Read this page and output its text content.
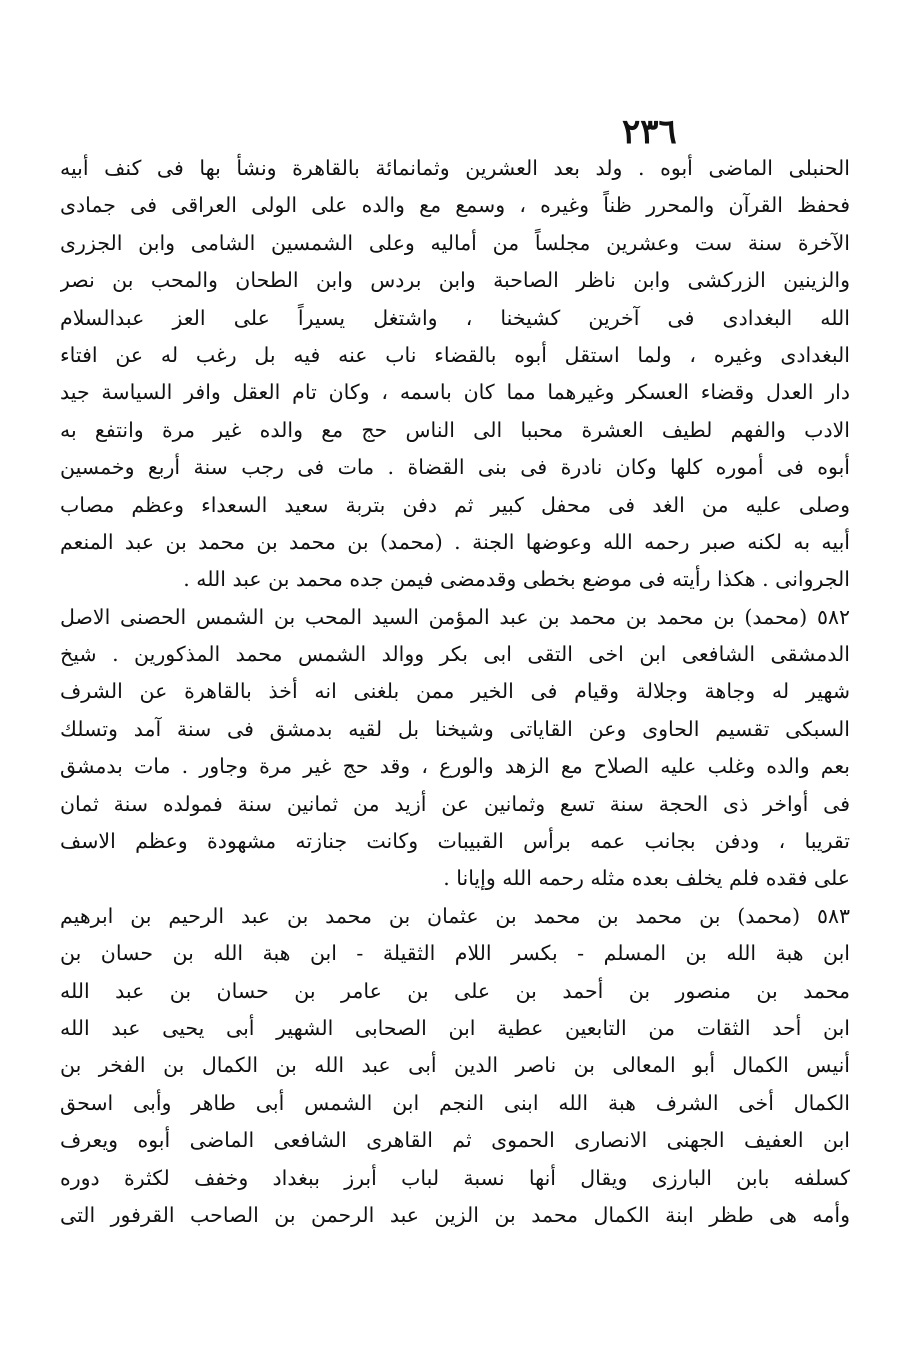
٢٣٦
الحنبلى الماضى أبوه . ولد بعد العشرين وثمانمائة بالقاهرة ونشأ بها فى كنف أبيه
فحفظ القرآن والمحرر ظناً وغيره ، وسمع مع والده على الولى العراقى فى جمادى
الآخرة سنة ست وعشرين مجلساً من أماليه وعلى الشمسين الشامى وابن الجزرى
والزينين الزركشى وابن ناظر الصاحبة وابن بردس وابن الطحان والمحب بن نصر
الله البغدادى فى آخرين كشيخنا ، واشتغل يسيراً على العز عبدالسلام
البغدادى وغيره ، ولما استقل أبوه بالقضاء ناب عنه فيه بل رغب له عن افتاء
دار العدل وقضاء العسكر وغيرهما مما كان باسمه ، وكان تام العقل وافر السياسة جيد
الادب والفهم لطيف العشرة محببا الى الناس حج مع والده غير مرة وانتفع به
أبوه فى أموره كلها وكان نادرة فى بنى القضاة . مات فى رجب سنة أربع وخمسين
وصلى عليه من الغد فى محفل كبير ثم دفن بتربة سعيد السعداء وعظم مصاب
أبيه به لكنه صبر رحمه الله وعوضها الجنة . (محمد) بن محمد بن محمد بن عبد المنعم
الجروانى . هكذا رأيته فى موضع بخطى وقدمضى فيمن جده محمد بن عبد الله .
٥٨٢ (محمد) بن محمد بن محمد بن عبد المؤمن السيد المحب بن الشمس الحصنى الاصل
الدمشقى الشافعى ابن اخى التقى ابى بكر ووالد الشمس محمد المذكورين . شيخ
شهير له وجاهة وجلالة وقيام فى الخير ممن بلغنى انه أخذ بالقاهرة عن الشرف
السبكى تقسيم الحاوى وعن القاياتى وشيخنا بل لقيه بدمشق فى سنة آمد وتسلك
بعم والده وغلب عليه الصلاح مع الزهد والورع ، وقد حج غير مرة وجاور . مات بدمشق
فى أواخر ذى الحجة سنة تسع وثمانين عن أزيد من ثمانين سنة فمولده سنة ثمان
تقريبا ، ودفن بجانب عمه برأس القبيبات وكانت جنازته مشهودة وعظم الاسف
على فقده فلم يخلف بعده مثله رحمه الله وإيانا .
٥٨٣ (محمد) بن محمد بن محمد بن عثمان بن محمد بن عبد الرحيم بن ابرهيم
ابن هبة الله بن المسلم - بكسر اللام الثقيلة - ابن هبة الله بن حسان بن
محمد بن منصور بن أحمد بن على بن عامر بن حسان بن عبد الله
ابن أحد الثقات من التابعين عطية ابن الصحابى الشهير أبى يحيى عبد الله
أنيس الكمال أبو المعالى بن ناصر الدين أبى عبد الله بن الكمال بن الفخر بن
الكمال أخى الشرف هبة الله ابنى النجم ابن الشمس أبى طاهر وأبى اسحق
ابن العفيف الجهنى الانصارى الحموى ثم القاهرى الشافعى الماضى أبوه ويعرف
كسلفه بابن البارزى ويقال أنها نسبة لباب أبرز ببغداد وخفف لكثرة دوره
وأمه هى طظر ابنة الكمال محمد بن الزين عبد الرحمن بن الصاحب القرفور التى
